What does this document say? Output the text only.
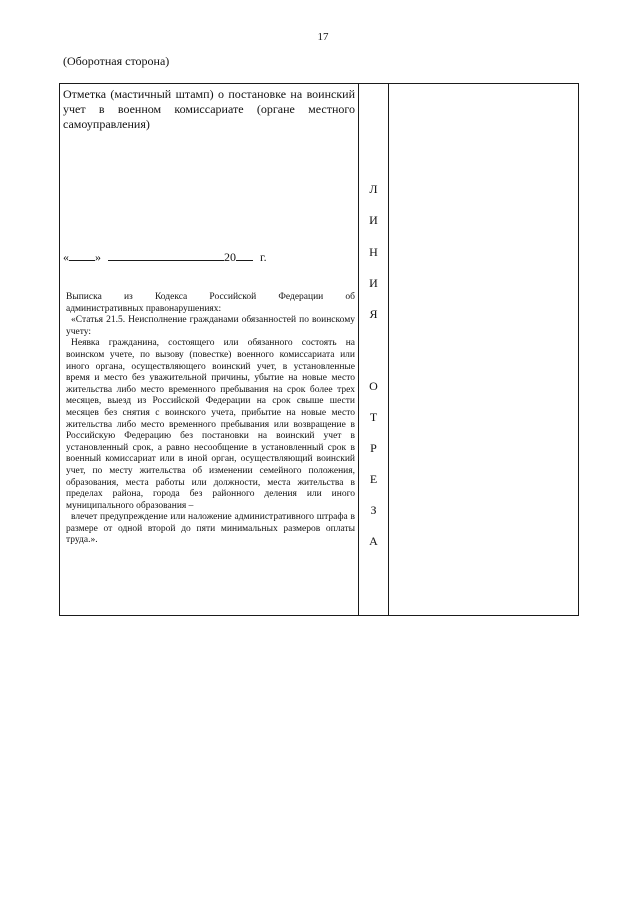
17
(Оборотная сторона)
Отметка (мастичный штамп) о постановке на воинский учет в военном комиссариате (органе местного самоуправления)
« »	20 г.

Выписка из Кодекса Российской Федерации об

административных правонарушениях:

«Статья 21.5. Неисполнение гражданами обязанностей по воинскому учету:

Неявка гражданина, состоящего или обязанного состоять на воинском учете, по вызову (повестке) военного комиссариата или иного органа, осуществляющего воинский учет, в установленные время и место без уважительной причины, убытие на новые место жительства либо место временного пребывания на срок более трех месяцев, выезд из Российской Федерации на срок свыше шести месяцев без снятия с воинского учета, прибытие на новые место жительства либо место временного пребывания или возвращение в Российскую Федерацию без постановки на воинский учет в установленный срок, а равно несообщение в установленный срок в военный комиссариат или в иной орган, осуществляющий воинский учет, по месту жительства об изменении семейного положения, образования, места работы или должности, места жительства в пределах района, города без районного деления или иного муниципального образования –

влечет предупреждение или наложение административного штрафа в размере от одной второй до пяти минимальных размеров оплаты труда.».

Л
И
Н
И
Я
О
Т
Р
Е
З
А
